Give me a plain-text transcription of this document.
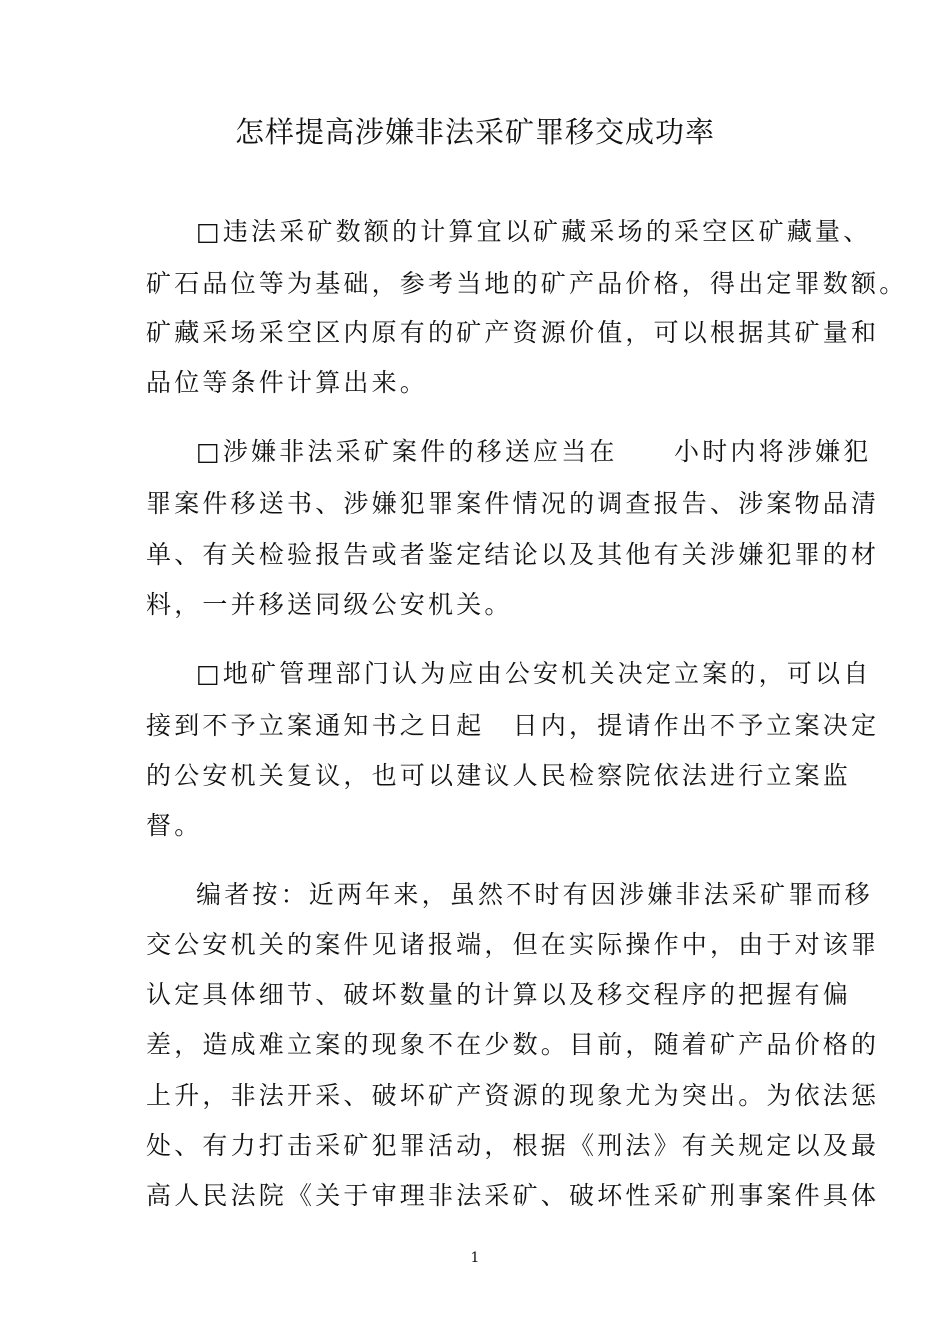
怎样提高涉嫌非法采矿罪移交成功率
□违法采矿数额的计算宜以矿藏采场的采空区矿藏量、
矿石品位等为基础，参考当地的矿产品价格，得出定罪数额。
矿藏采场采空区内原有的矿产资源价值，可以根据其矿量和
品位等条件计算出来。
□涉嫌非法采矿案件的移送应当在　　小时内将涉嫌犯
罪案件移送书、涉嫌犯罪案件情况的调查报告、涉案物品清
单、有关检验报告或者鉴定结论以及其他有关涉嫌犯罪的材
料，一并移送同级公安机关。
□地矿管理部门认为应由公安机关决定立案的，可以自
接到不予立案通知书之日起　日内，提请作出不予立案决定
的公安机关复议，也可以建议人民检察院依法进行立案监
督。
编者按：近两年来，虽然不时有因涉嫌非法采矿罪而移
交公安机关的案件见诸报端，但在实际操作中，由于对该罪
认定具体细节、破坏数量的计算以及移交程序的把握有偏
差，造成难立案的现象不在少数。目前，随着矿产品价格的
上升，非法开采、破坏矿产资源的现象尤为突出。为依法惩
处、有力打击采矿犯罪活动，根据《刑法》有关规定以及最
高人民法院《关于审理非法采矿、破坏性采矿刑事案件具体
1
